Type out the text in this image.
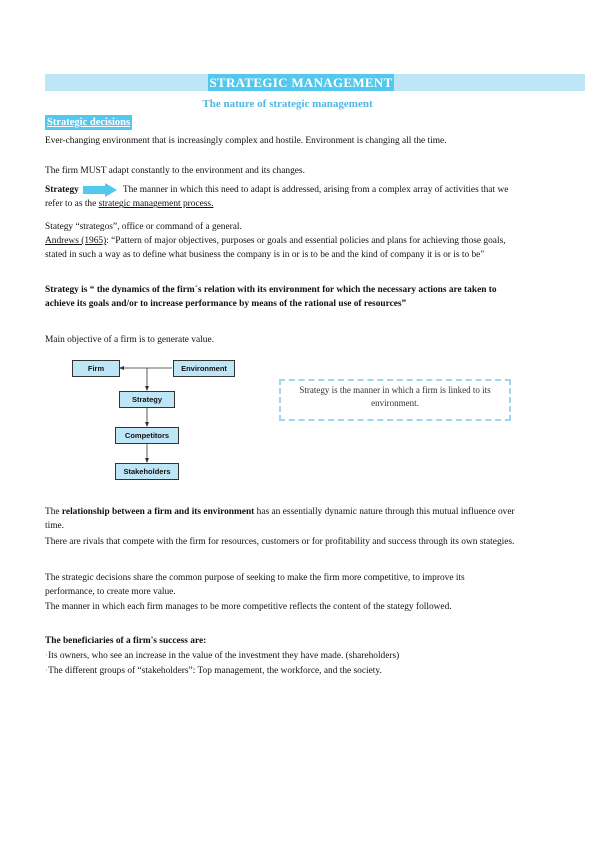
STRATEGIC MANAGEMENT
The nature of strategic management
Strategic decisions

Ever-changing environment that is increasingly complex and hostile. Environment is changing all the time.

The firm MUST adapt constantly to the environment and its changes.

Strategy	The manner in which this need to adapt is addressed, arising from a complex array of activities that we refer to as the strategic management process.

Stategy “strategos”, office or command of a general.

Andrews (1965): “Pattern of major objectives, purposes or goals and essential policies and plans for achieving those goals, stated in such a way as to define what business the company is in or is to be and the kind of company it is or is to be"

Strategy is “ the dynamics of the firm´s relation with its environment for which the necessary actions are taken to achieve its goals and/or to increase performance by means of the rational use of resources”

Main objective of a firm is to generate value.

Firm	Environment
Strategy
Competitors
Stakeholders
Strategy is the manner in which a firm is linked to its environment.

The relationship between a firm and its environment has an essentially dynamic nature through this mutual influence over time.

There are rivals that compete with the firm for resources, customers or for profitability and success through its own stategies.

The strategic decisions share the common purpose of seeking to make the firm more competitive, to improve its performance, to create more value.

The manner in which each firm manages to be more competitive reflects the content of the stategy followed.

The beneficiaries of a firm's success are:

·Its owners, who see an increase in the value of the investment they have made. (shareholders)

·The different groups of “stakeholders”: Top management, the workforce, and the society.
